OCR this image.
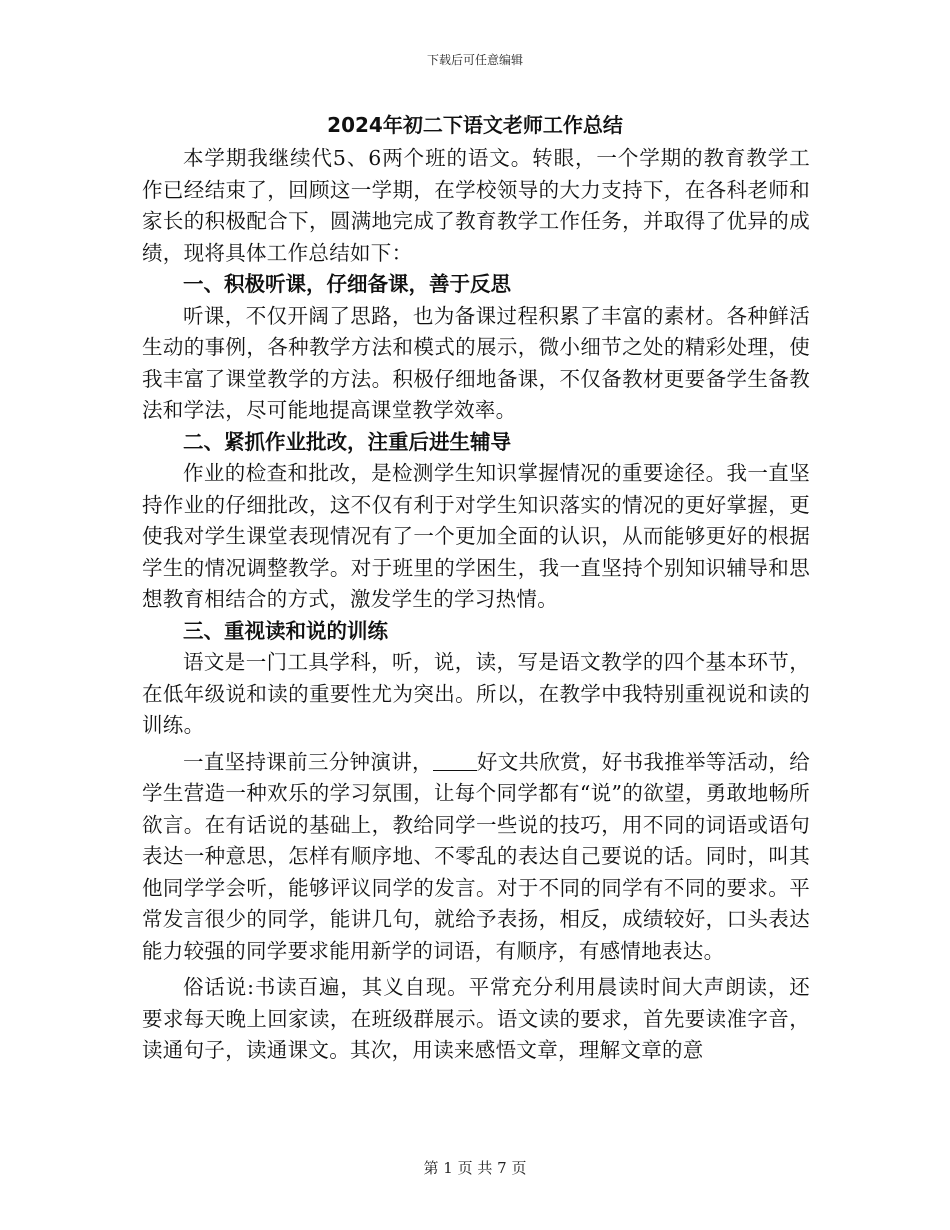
下载后可任意编辑
2024年初二下语文老师工作总结

本学期我继续代5、6两个班的语文。转眼，一个学期的教育教学工作已经结束了，回顾这一学期，在学校领导的大力支持下，在各科老师和家长的积极配合下，圆满地完成了教育教学工作任务，并取得了优异的成绩，现将具体工作总结如下：

一、积极听课，仔细备课，善于反思

听课，不仅开阔了思路，也为备课过程积累了丰富的素材。各种鲜活生动的事例，各种教学方法和模式的展示，微小细节之处的精彩处理，使我丰富了课堂教学的方法。积极仔细地备课，不仅备教材更要备学生备教法和学法，尽可能地提高课堂教学效率。

二、紧抓作业批改，注重后进生辅导

作业的检查和批改，是检测学生知识掌握情况的重要途径。我一直坚持作业的仔细批改，这不仅有利于对学生知识落实的情况的更好掌握，更使我对学生课堂表现情况有了一个更加全面的认识，从而能够更好的根据学生的情况调整教学。对于班里的学困生，我一直坚持个别知识辅导和思想教育相结合的方式，激发学生的学习热情。

三、重视读和说的训练

语文是一门工具学科，听，说，读，写是语文教学的四个基本环节，在低年级说和读的重要性尤为突出。所以，在教学中我特别重视说和读的训练。

一直坚持课前三分钟演讲， 好文共欣赏，好书我推举等活动，给学生营造一种欢乐的学习氛围，让每个同学都有“说”的欲望，勇敢地畅所欲言。在有话说的基础上，教给同学一些说的技巧，用不同的词语或语句表达一种意思，怎样有顺序地、不零乱的表达自己要说的话。同时，叫其他同学学会听，能够评议同学的发言。对于不同的同学有不同的要求。平常发言很少的同学，能讲几句，就给予表扬，相反，成绩较好，口头表达能力较强的同学要求能用新学的词语，有顺序，有感情地表达。

俗话说:书读百遍，其义自现。平常充分利用晨读时间大声朗读，还要求每天晚上回家读，在班级群展示。语文读的要求，首先要读准字音，读通句子，读通课文。其次，用读来感悟文章，理解文章的意

第 1 页 共 7 页
